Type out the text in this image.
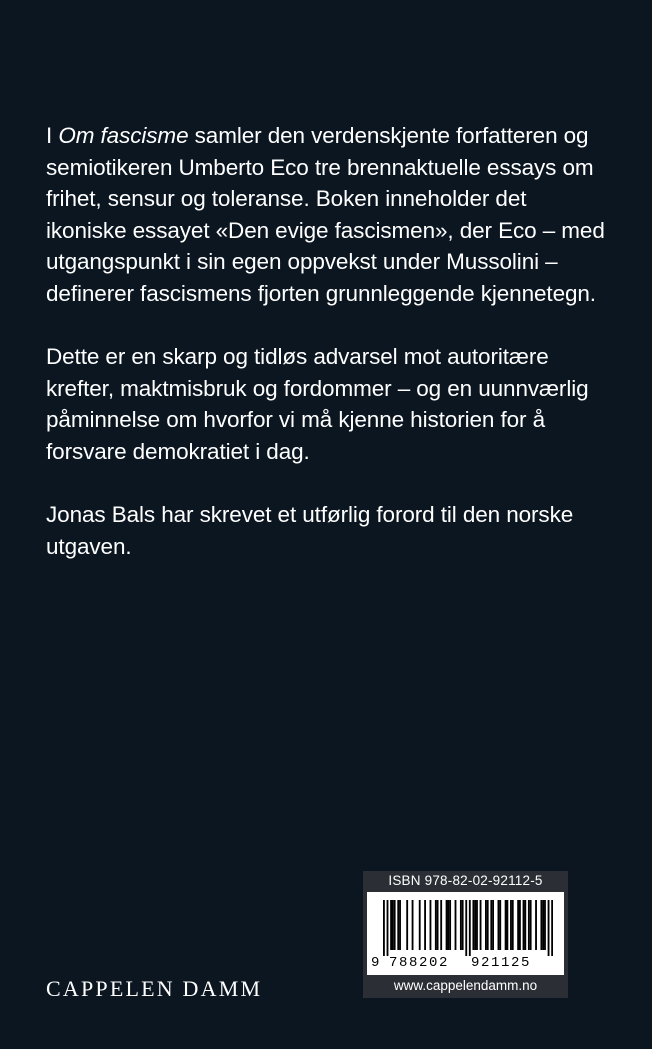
I Om fascisme samler den verdenskjente forfatteren og semiotikeren Umberto Eco tre brennaktuelle essays om frihet, sensur og toleranse. Boken inneholder det ikoniske essayet «Den evige fascismen», der Eco – med utgangspunkt i sin egen oppvekst under Mussolini – definerer fascismens fjorten grunnleggende kjennetegn.

Dette er en skarp og tidløs advarsel mot autoritære krefter, maktmisbruk og fordommer – og en uunnværlig påminnelse om hvorfor vi må kjenne historien for å forsvare demokratiet i dag.

Jonas Bals har skrevet et utførlig forord til den norske utgaven.

CAPPELEN DAMM
ISBN 978-82-02-92112-5
9 788202 921125
www.cappelendamm.no
